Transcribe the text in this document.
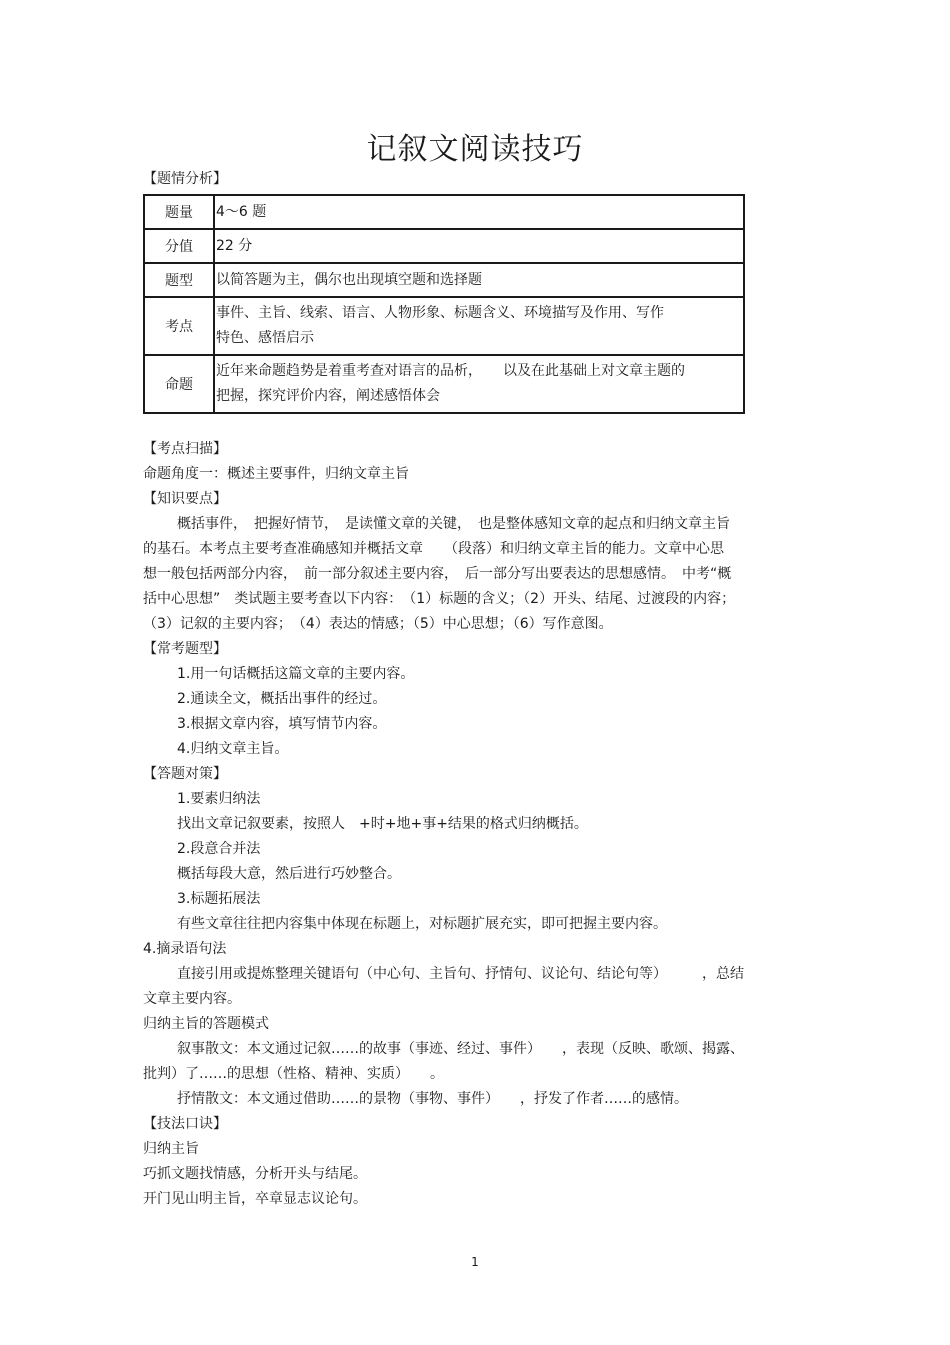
记叙文阅读技巧
【题情分析】
题量	4～6 题
分值	22 分
题型	以简答题为主，偶尔也出现填空题和选择题
考点	事件、主旨、线索、语言、人物形象、标题含义、环境描写及作用、写作
特色、感悟启示
命题	近年来命题趋势是着重考查对语言的品析，　　以及在此基础上对文章主题的
把握，探究评价内容，阐述感悟体会
【考点扫描】
命题角度一：概述主要事件，归纳文章主旨
【知识要点】
概括事件，　把握好情节，　是读懂文章的关键，　也是整体感知文章的起点和归纳文章主旨
的基石。本考点主要考查准确感知并概括文章　　（段落）和归纳文章主旨的能力。文章中心思
想一般包括两部分内容，　前一部分叙述主要内容，　后一部分写出要表达的思想感情。　中考“概
括中心思想”　类试题主要考查以下内容：　（1）标题的含义；（2）开头、结尾、过渡段的内容；
（3）记叙的主要内容；　（4）表达的情感；（5）中心思想；（6）写作意图。
【常考题型】
1.用一句话概括这篇文章的主要内容。
2.通读全文，概括出事件的经过。
3.根据文章内容，填写情节内容。
4.归纳文章主旨。
【答题对策】
1.要素归纳法
找出文章记叙要素，按照人　+时+地+事+结果的格式归纳概括。
2.段意合并法
概括每段大意，然后进行巧妙整合。
3.标题拓展法
有些文章往往把内容集中体现在标题上，对标题扩展充实，即可把握主要内容。
4.摘录语句法
直接引用或提炼整理关键语句（中心句、主旨句、抒情句、议论句、结论句等）　　　，总结
文章主要内容。
归纳主旨的答题模式
叙事散文：本文通过记叙……的故事（事迹、经过、事件）　　，表现（反映、歌颂、揭露、
批判）了……的思想（性格、精神、实质）　　。
抒情散文：本文通过借助……的景物（事物、事件）　　，抒发了作者……的感情。
【技法口诀】
归纳主旨
巧抓文题找情感，分析开头与结尾。
开门见山明主旨，卒章显志议论句。
1
